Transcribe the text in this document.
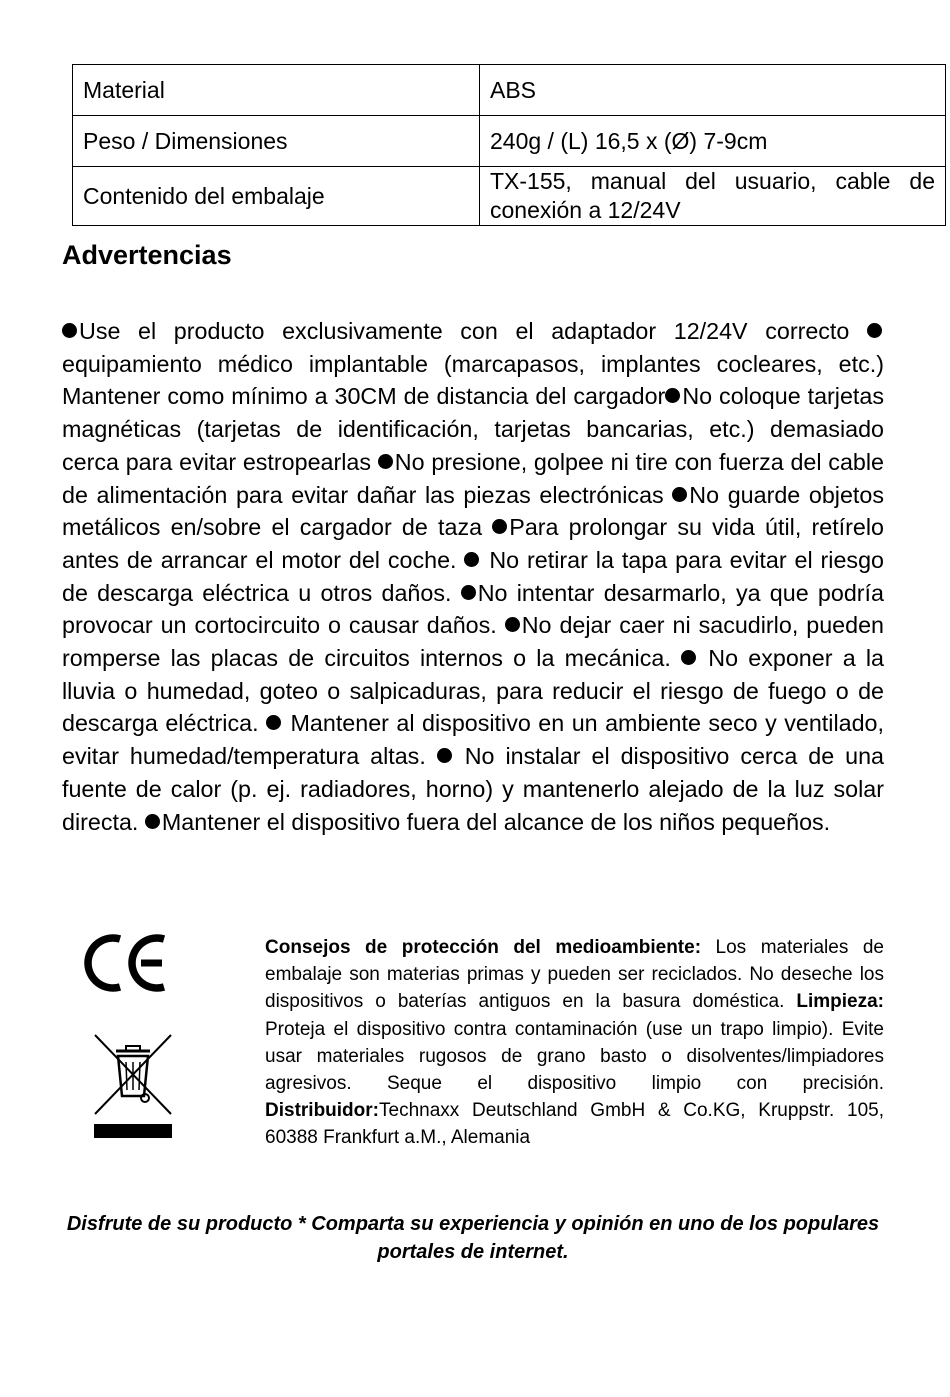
Material	ABS
Peso / Dimensiones	240g / (L) 16,5 x (Ø) 7-9cm
Contenido del embalaje	TX-155, manual del usuario, cable de conexión a 12/24V
Advertencias

Use el producto exclusivamente con el adaptador 12/24V correcto equipamiento médico implantable (marcapasos, implantes cocleares, etc.) Mantener como mínimo a 30CM de distancia del cargador No coloque tarjetas magnéticas (tarjetas de identificación, tarjetas bancarias, etc.) demasiado cerca para evitar estropearlas No presione, golpee ni tire con fuerza del cable de alimentación para evitar dañar las piezas electrónicas No guarde objetos metálicos en/sobre el cargador de taza Para prolongar su vida útil, retírelo antes de arrancar el motor del coche.  No retirar la tapa para evitar el riesgo de descarga eléctrica u otros daños. No intentar desarmarlo, ya que podría provocar un cortocircuito o causar daños. No dejar caer ni sacudirlo, pueden romperse las placas de circuitos internos o la mecánica.  No exponer a la lluvia o humedad, goteo o salpicaduras, para reducir el riesgo de fuego o de descarga eléctrica.  Mantener al dispositivo en un ambiente seco y ventilado, evitar humedad/temperatura altas.  No instalar el dispositivo cerca de una fuente de calor (p. ej. radiadores, horno) y mantenerlo alejado de la luz solar directa. Mantener el dispositivo fuera del alcance de los niños pequeños.

Consejos de protección del medioambiente: Los materiales de embalaje son materias primas y pueden ser reciclados. No deseche los dispositivos o baterías antiguos en la basura doméstica. Limpieza: Proteja el dispositivo contra contaminación (use un trapo limpio). Evite usar materiales rugosos de grano basto o disolventes/limpiadores agresivos. Seque el dispositivo limpio con precisión. Distribuidor:Technaxx Deutschland GmbH & Co.KG, Kruppstr. 105, 60388 Frankfurt a.M., Alemania

Disfrute de su producto * Comparta su experiencia y opinión en uno de los populares portales de internet.
